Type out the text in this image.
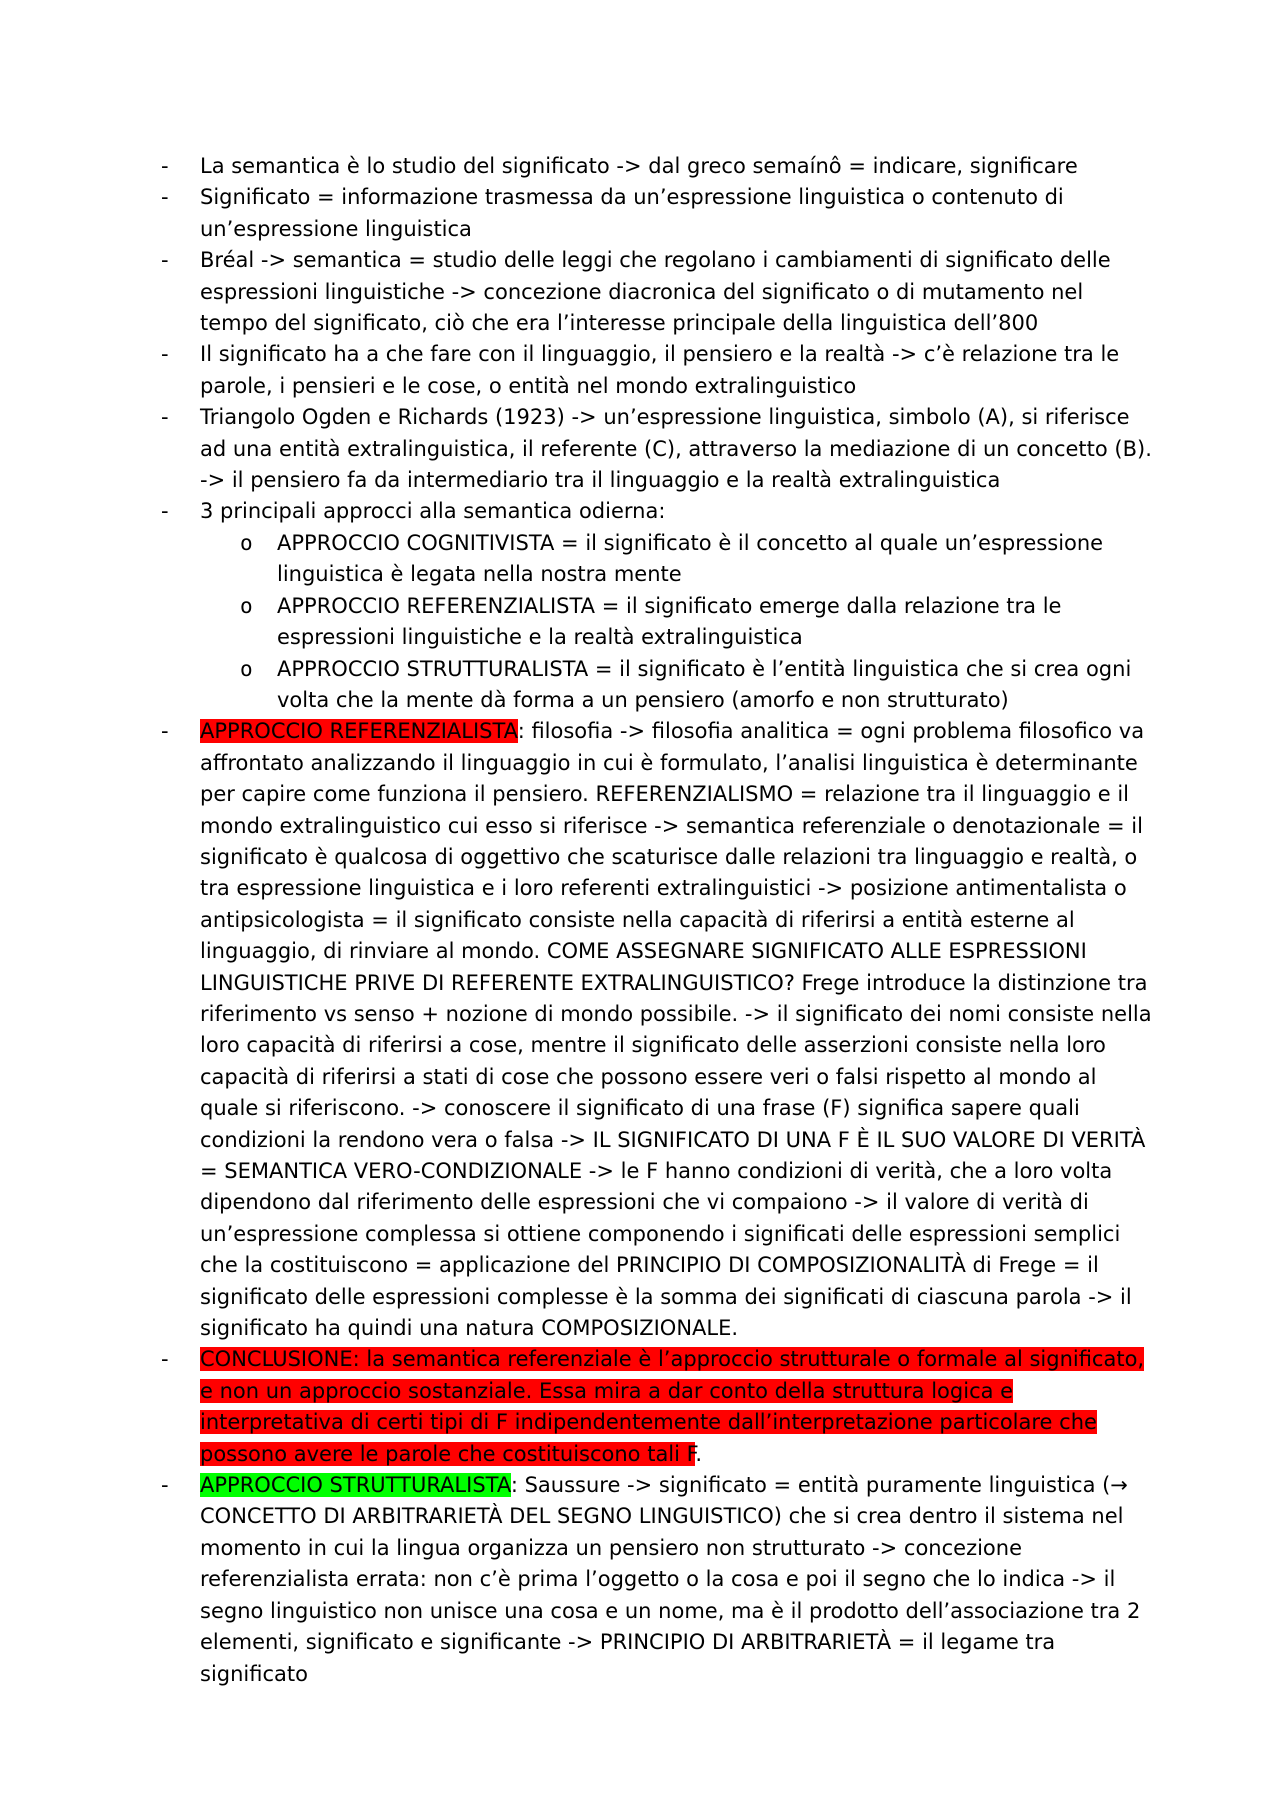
- La semantica è lo studio del significato -> dal greco semaínô = indicare, significare
- Significato = informazione trasmessa da un’espressione linguistica o contenuto di un’espressione linguistica
- Bréal -> semantica = studio delle leggi che regolano i cambiamenti di significato delle espressioni linguistiche -> concezione diacronica del significato o di mutamento nel tempo del significato, ciò che era l’interesse principale della linguistica dell’800
- Il significato ha a che fare con il linguaggio, il pensiero e la realtà -> c’è relazione tra le parole, i pensieri e le cose, o entità nel mondo extralinguistico
- Triangolo Ogden e Richards (1923) -> un’espressione linguistica, simbolo (A), si riferisce ad una entità extralinguistica, il referente (C), attraverso la mediazione di un concetto (B). -> il pensiero fa da intermediario tra il linguaggio e la realtà extralinguistica
- 3 principali approcci alla semantica odierna:
o APPROCCIO COGNITIVISTA = il significato è il concetto al quale un’espressione linguistica è legata nella nostra mente
o APPROCCIO REFERENZIALISTA = il significato emerge dalla relazione tra le espressioni linguistiche e la realtà extralinguistica
o APPROCCIO STRUTTURALISTA = il significato è l’entità linguistica che si crea ogni volta che la mente dà forma a un pensiero (amorfo e non strutturato)
- APPROCCIO REFERENZIALISTA: filosofia -> filosofia analitica = ogni problema filosofico va affrontato analizzando il linguaggio in cui è formulato, l’analisi linguistica è determinante per capire come funziona il pensiero. REFERENZIALISMO = relazione tra il linguaggio e il mondo extralinguistico cui esso si riferisce -> semantica referenziale o denotazionale = il significato è qualcosa di oggettivo che scaturisce dalle relazioni tra linguaggio e realtà, o tra espressione linguistica e i loro referenti extralinguistici -> posizione antimentalista o antipsicologista = il significato consiste nella capacità di riferirsi a entità esterne al linguaggio, di rinviare al mondo. COME ASSEGNARE SIGNIFICATO ALLE ESPRESSIONI LINGUISTICHE PRIVE DI REFERENTE EXTRALINGUISTICO? Frege introduce la distinzione tra riferimento vs senso + nozione di mondo possibile. -> il significato dei nomi consiste nella loro capacità di riferirsi a cose, mentre il significato delle asserzioni consiste nella loro capacità di riferirsi a stati di cose che possono essere veri o falsi rispetto al mondo al quale si riferiscono. -> conoscere il significato di una frase (F) significa sapere quali condizioni la rendono vera o falsa -> IL SIGNIFICATO DI UNA F È IL SUO VALORE DI VERITÀ = SEMANTICA VERO-CONDIZIONALE -> le F hanno condizioni di verità, che a loro volta dipendono dal riferimento delle espressioni che vi compaiono -> il valore di verità di un’espressione complessa si ottiene componendo i significati delle espressioni semplici che la costituiscono = applicazione del PRINCIPIO DI COMPOSIZIONALITÀ di Frege = il significato delle espressioni complesse è la somma dei significati di ciascuna parola -> il significato ha quindi una natura COMPOSIZIONALE.
- CONCLUSIONE: la semantica referenziale è l’approccio strutturale o formale al significato, e non un approccio sostanziale. Essa mira a dar conto della struttura logica e interpretativa di certi tipi di F indipendentemente dall’interpretazione particolare che possono avere le parole che costituiscono tali F.
- APPROCCIO STRUTTURALISTA: Saussure -> significato = entità puramente linguistica (→ CONCETTO DI ARBITRARIETÀ DEL SEGNO LINGUISTICO) che si crea dentro il sistema nel momento in cui la lingua organizza un pensiero non strutturato -> concezione referenzialista errata: non c’è prima l’oggetto o la cosa e poi il segno che lo indica -> il segno linguistico non unisce una cosa e un nome, ma è il prodotto dell’associazione tra 2 elementi, significato e significante -> PRINCIPIO DI ARBITRARIETÀ = il legame tra significato
